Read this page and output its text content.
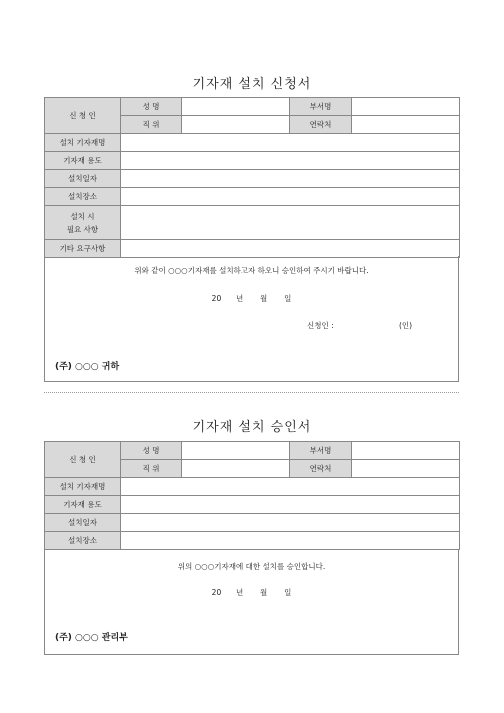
기자재 설치 신청서
신 청 인	성 명		부서명	
	직 위		연락처	
설치 기자재명				
기자재 용도				
설치일자				
설치장소				

설치 시
필요 사항				

기타 요구사항				
위와 같이 ○○○기자재를 설치하고자 하오니 승인하여 주시기 바랍니다.
20 년 월 일
신청인 :	(인)
(주) ○○○ 귀하
기자재 설치 승인서
신 청 인	성 명		부서명	
	직 위		연락처	
설치 기자재명				
기자재 용도				
설치일자				
설치장소				
위의 ○○○기자재에 대한 설치를 승인합니다.
20 년 월 일
(주) ○○○ 관리부
